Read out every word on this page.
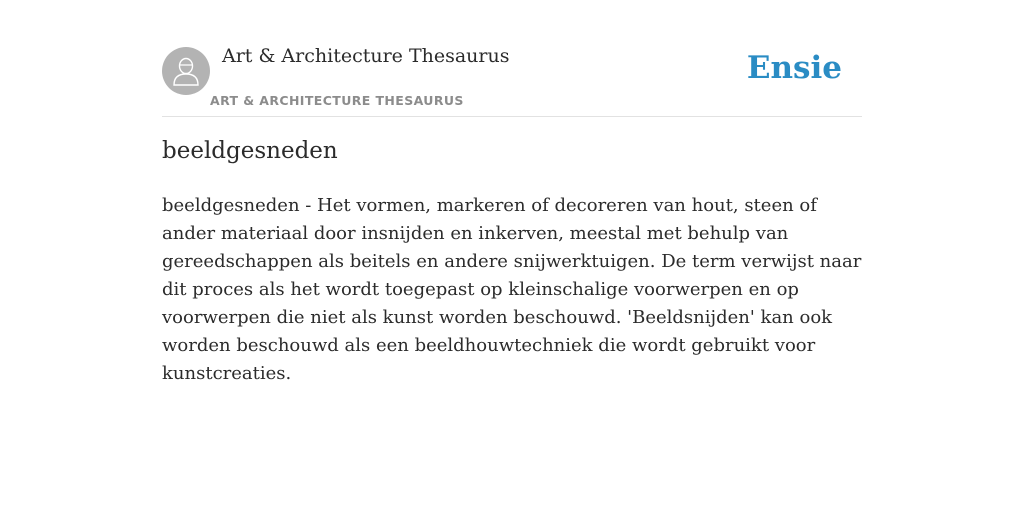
Art & Architecture Thesaurus
ART & ARCHITECTURE THESAURUS
Ensie
beeldgesneden

beeldgesneden - Het vormen, markeren of decoreren van hout, steen of ander materiaal door insnijden en inkerven, meestal met behulp van gereedschappen als beitels en andere snijwerktuigen. De term verwijst naar dit proces als het wordt toegepast op kleinschalige voorwerpen en op voorwerpen die niet als kunst worden beschouwd. 'Beeldsnijden' kan ook worden beschouwd als een beeldhouwtechniek die wordt gebruikt voor kunstcreaties.
